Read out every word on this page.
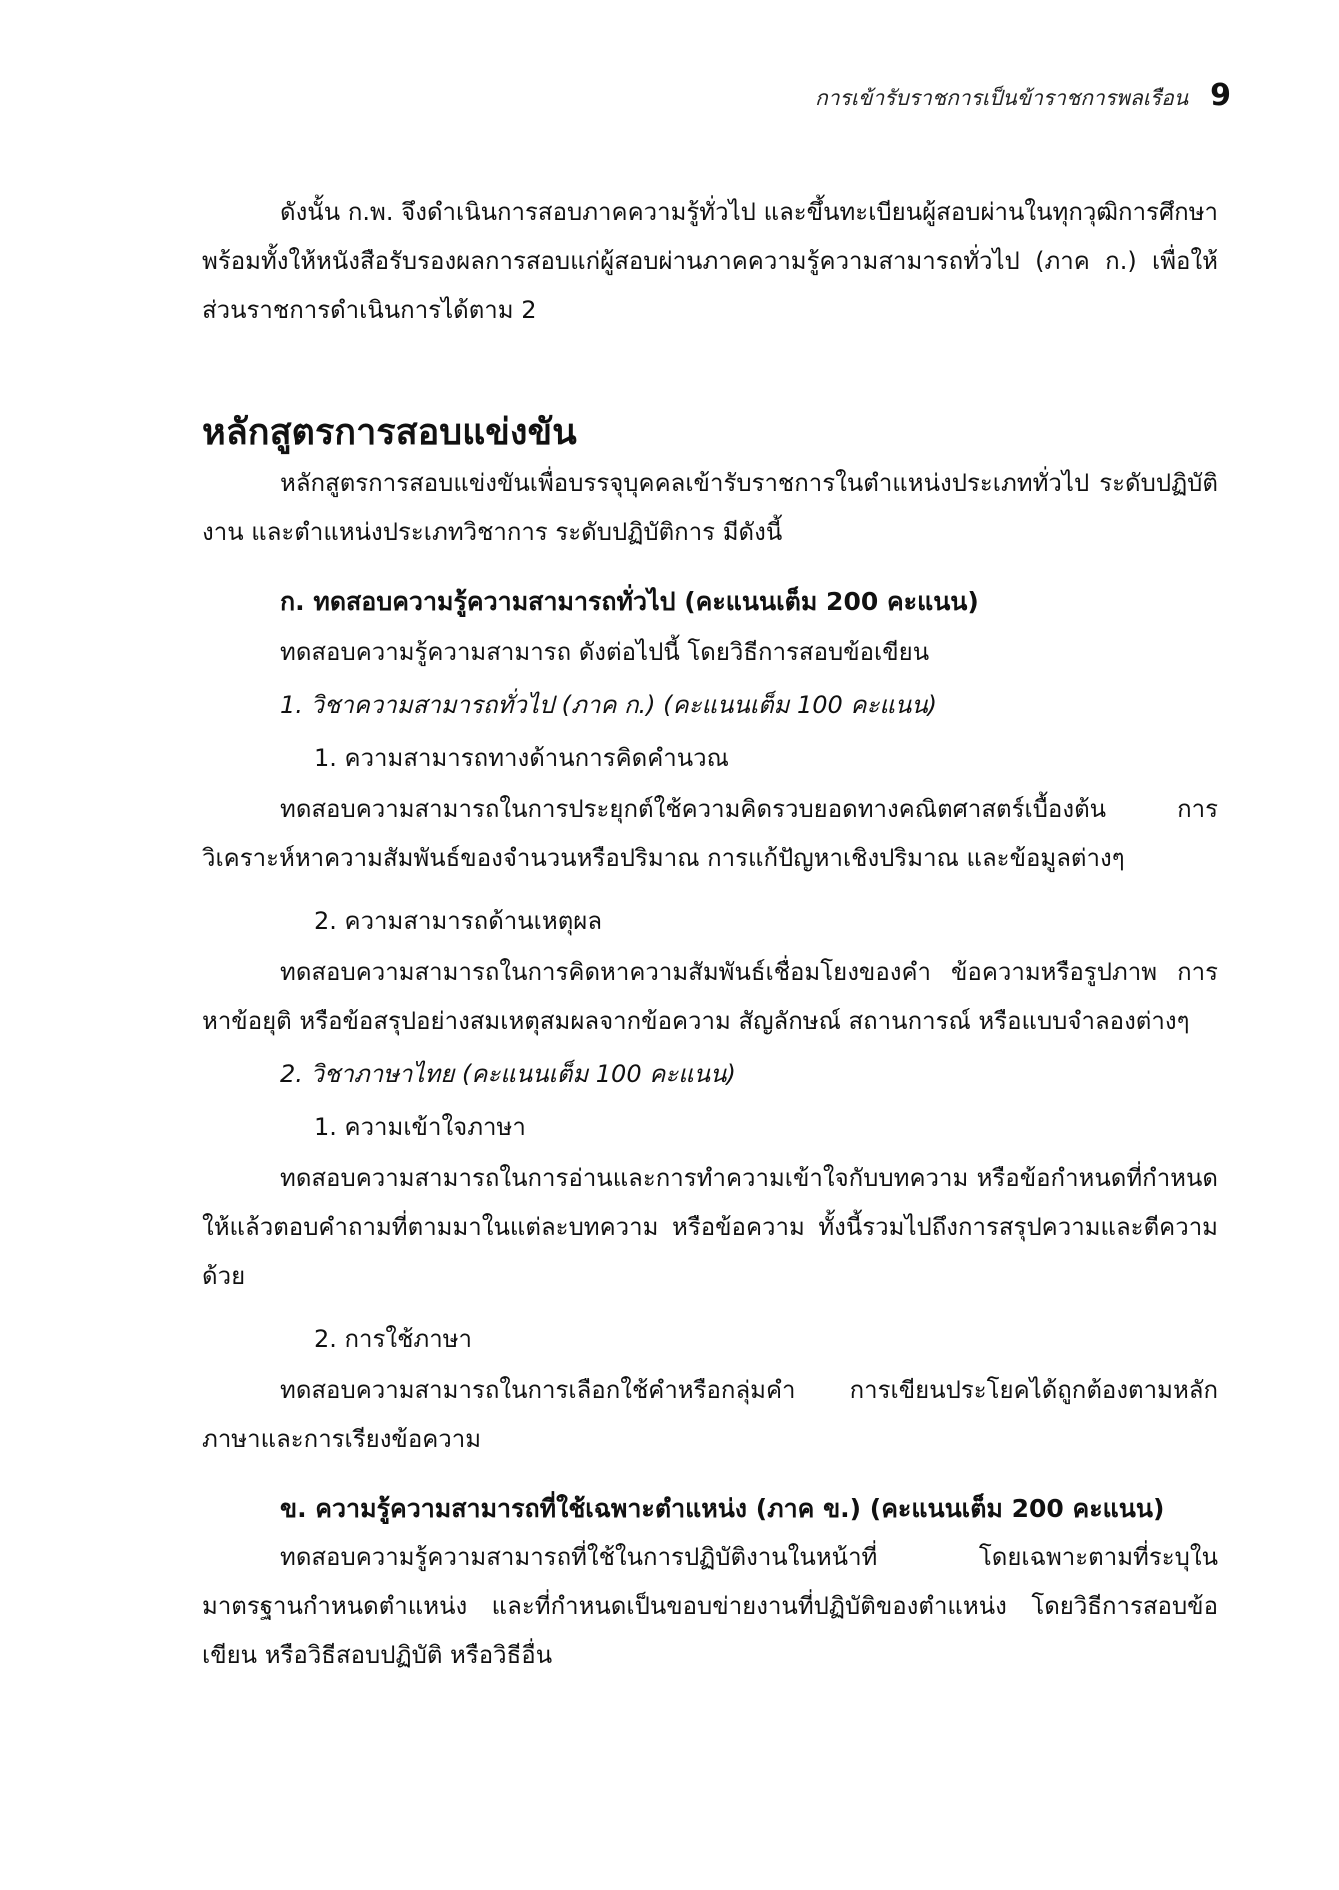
การเข้ารับราชการเป็นข้าราชการพลเรือน 9

ดังนั้น ก.พ. จึงดำเนินการสอบภาคความรู้ทั่วไป และขึ้นทะเบียนผู้สอบผ่านในทุกวุฒิการศึกษาพร้อมทั้งให้หนังสือรับรองผลการสอบแก่ผู้สอบผ่านภาคความรู้ความสามารถทั่วไป (ภาค ก.) เพื่อให้ส่วนราชการดำเนินการได้ตาม 2

หลักสูตรการสอบแข่งขัน

หลักสูตรการสอบแข่งขันเพื่อบรรจุบุคคลเข้ารับราชการในตำแหน่งประเภททั่วไป ระดับปฏิบัติงาน และตำแหน่งประเภทวิชาการ ระดับปฏิบัติการ มีดังนี้

ก. ทดสอบความรู้ความสามารถทั่วไป (คะแนนเต็ม 200 คะแนน)

ทดสอบความรู้ความสามารถ ดังต่อไปนี้ โดยวิธีการสอบข้อเขียน

1. วิชาความสามารถทั่วไป (ภาค ก.) (คะแนนเต็ม 100 คะแนน)

1. ความสามารถทางด้านการคิดคำนวณ

ทดสอบความสามารถในการประยุกต์ใช้ความคิดรวบยอดทางคณิตศาสตร์เบื้องต้น การวิเคราะห์หาความสัมพันธ์ของจำนวนหรือปริมาณ การแก้ปัญหาเชิงปริมาณ และข้อมูลต่างๆ

2. ความสามารถด้านเหตุผล

ทดสอบความสามารถในการคิดหาความสัมพันธ์เชื่อมโยงของคำ ข้อความหรือรูปภาพ การหาข้อยุติ หรือข้อสรุปอย่างสมเหตุสมผลจากข้อความ สัญลักษณ์ สถานการณ์ หรือแบบจำลองต่างๆ

2. วิชาภาษาไทย (คะแนนเต็ม 100 คะแนน)

1. ความเข้าใจภาษา

ทดสอบความสามารถในการอ่านและการทำความเข้าใจกับบทความ หรือข้อกำหนดที่กำหนดให้แล้วตอบคำถามที่ตามมาในแต่ละบทความ หรือข้อความ ทั้งนี้รวมไปถึงการสรุปความและตีความด้วย

2. การใช้ภาษา

ทดสอบความสามารถในการเลือกใช้คำหรือกลุ่มคำ การเขียนประโยคได้ถูกต้องตามหลักภาษาและการเรียงข้อความ

ข. ความรู้ความสามารถที่ใช้เฉพาะตำแหน่ง (ภาค ข.) (คะแนนเต็ม 200 คะแนน)

ทดสอบความรู้ความสามารถที่ใช้ในการปฏิบัติงานในหน้าที่ โดยเฉพาะตามที่ระบุในมาตรฐานกำหนดตำแหน่ง และที่กำหนดเป็นขอบข่ายงานที่ปฏิบัติของตำแหน่ง โดยวิธีการสอบข้อเขียน หรือวิธีสอบปฏิบัติ หรือวิธีอื่น
